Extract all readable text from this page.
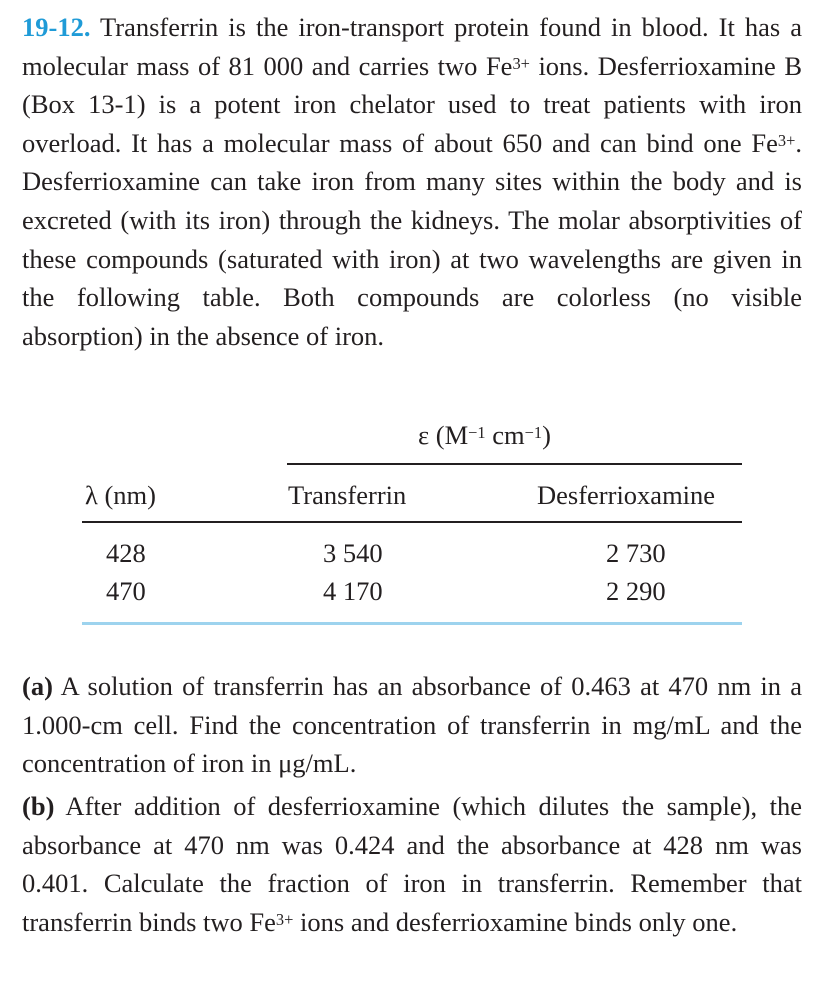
19-12. Transferrin is the iron-transport protein found in blood. It has a molecular mass of 81 000 and carries two $Fe^{3+}$ ions. Desferrioxamine B (Box 13-1) is a potent iron chelator used to treat patients with iron overload. It has a molecular mass of about 650 and can bind one $Fe^{3+}$. Desferrioxamine can take iron from many sites within the body and is excreted (with its iron) through the kidneys. The molar absorptivities of these compounds (saturated with iron) at two wavelengths are given in the following table. Both compounds are colorless (no visible absorption) in the absence of iron.

ε ($M^{-1}$ $cm^{-1}$)
λ (nm)	Transferrin	Desferrioxamine
428	3 540	2 730
470	4 170	2 290

(a) A solution of transferrin has an absorbance of 0.463 at 470 nm in a 1.000-cm cell. Find the concentration of transferrin in mg/mL and the concentration of iron in μg/mL.

(b) After addition of desferrioxamine (which dilutes the sample), the absorbance at 470 nm was 0.424 and the absorbance at 428 nm was 0.401. Calculate the fraction of iron in transferrin. Remember that transferrin binds two $Fe^{3+}$ ions and desferrioxamine binds only one.
